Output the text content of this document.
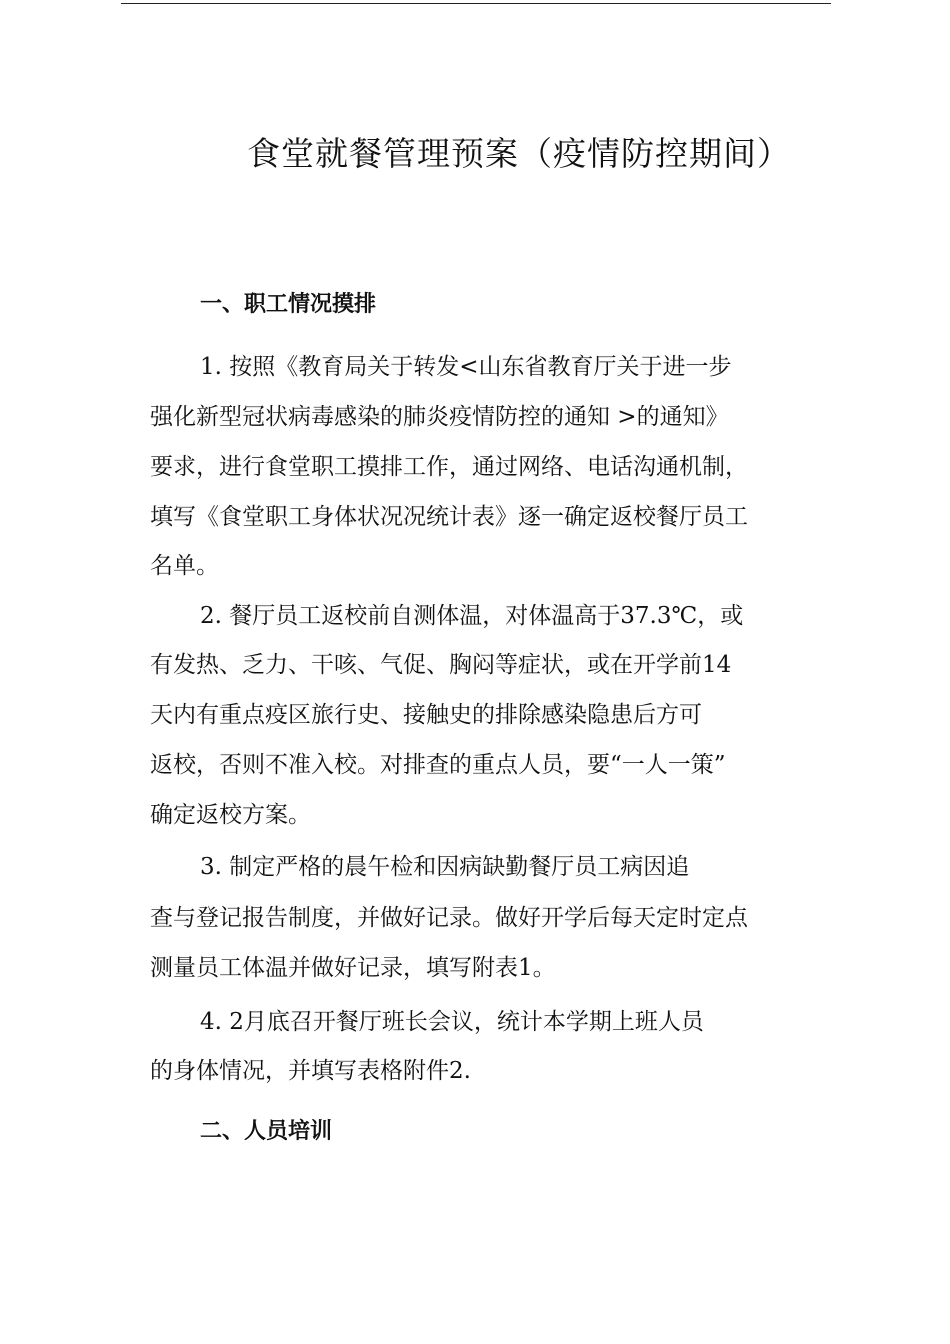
食堂就餐管理预案（疫情防控期间）
一、职工情况摸排

1. 按照《教育局关于转发<山东省教育厅关于进一步

强化新型冠状病毒感染的肺炎疫情防控的通知 >的通知》

要求，进行食堂职工摸排工作，通过网络、电话沟通机制，

填写《食堂职工身体状况况统计表》逐一确定返校餐厅员工

名单。

2. 餐厅员工返校前自测体温，对体温高于37.3℃，或

有发热、乏力、干咳、气促、胸闷等症状，或在开学前14

天内有重点疫区旅行史、接触史的排除感染隐患后方可

返校，否则不准入校。对排查的重点人员，要“一人一策”

确定返校方案。

3. 制定严格的晨午检和因病缺勤餐厅员工病因追

查与登记报告制度，并做好记录。做好开学后每天定时定点

测量员工体温并做好记录，填写附表1。

4. 2月底召开餐厅班长会议，统计本学期上班人员

的身体情况，并填写表格附件2.

二、人员培训
